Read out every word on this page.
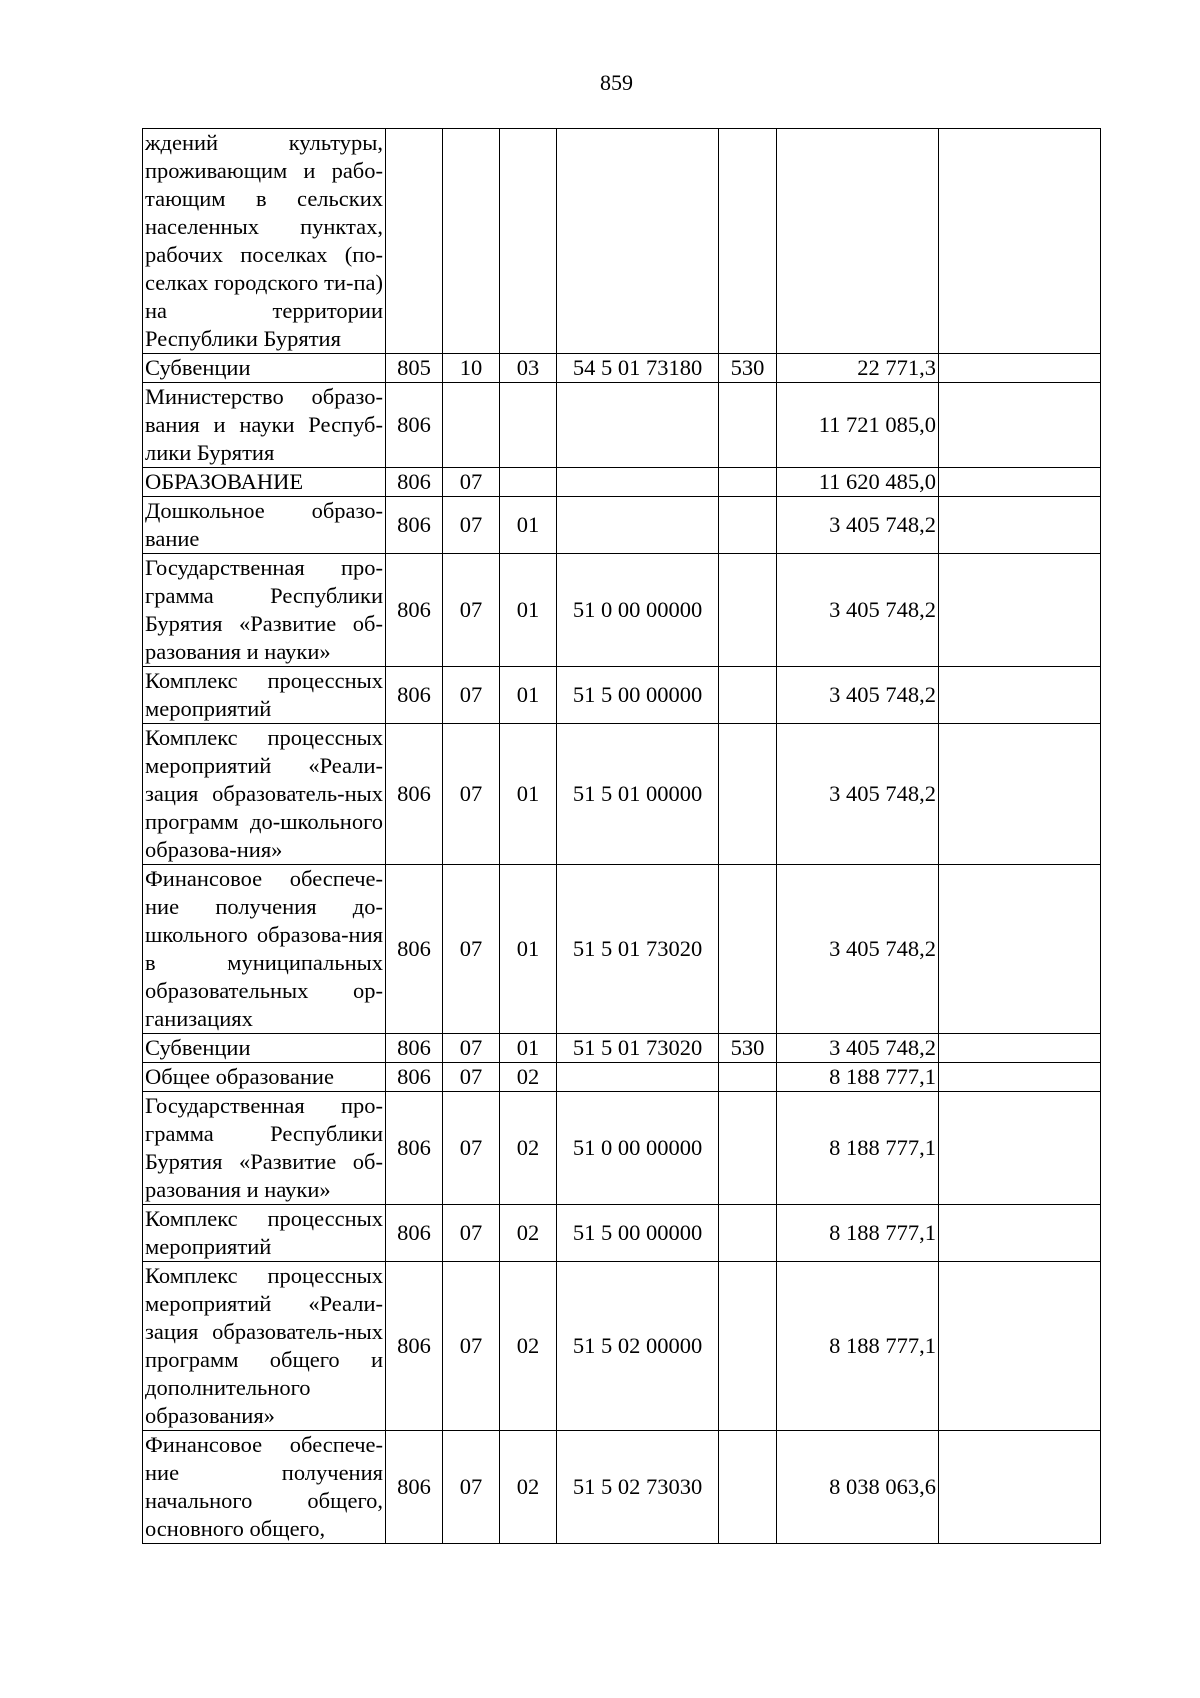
859
ждений культуры, проживающим и рабо-тающим в сельских населенных пунктах, рабочих поселках (по-селках городского ти-па) на территории Республики Бурятия							
Субвенции	805	10	03	54 5 01 73180	530	22 771,3	
Министерство образо-вания и науки Респуб-лики Бурятия	806					11 721 085,0	
ОБРАЗОВАНИЕ	806	07				11 620 485,0	
Дошкольное образо-вание	806	07	01			3 405 748,2	
Государственная про-грамма Республики Бурятия «Развитие об-разования и науки»	806	07	01	51 0 00 00000		3 405 748,2	
Комплекс процессных мероприятий	806	07	01	51 5 00 00000		3 405 748,2	
Комплекс процессных мероприятий «Реали-зация образователь-ных программ до-школьного образова-ния»	806	07	01	51 5 01 00000		3 405 748,2	
Финансовое обеспече-ние получения до-школьного образова-ния в муниципальных образовательных ор-ганизациях	806	07	01	51 5 01 73020		3 405 748,2	
Субвенции	806	07	01	51 5 01 73020	530	3 405 748,2	
Общее образование	806	07	02			8 188 777,1	
Государственная про-грамма Республики Бурятия «Развитие об-разования и науки»	806	07	02	51 0 00 00000		8 188 777,1	
Комплекс процессных мероприятий	806	07	02	51 5 00 00000		8 188 777,1	
Комплекс процессных мероприятий «Реали-зация образователь-ных программ общего и дополнительного образования»	806	07	02	51 5 02 00000		8 188 777,1	
Финансовое обеспече-ние получения начального общего, основного общего,	806	07	02	51 5 02 73030		8 038 063,6	
